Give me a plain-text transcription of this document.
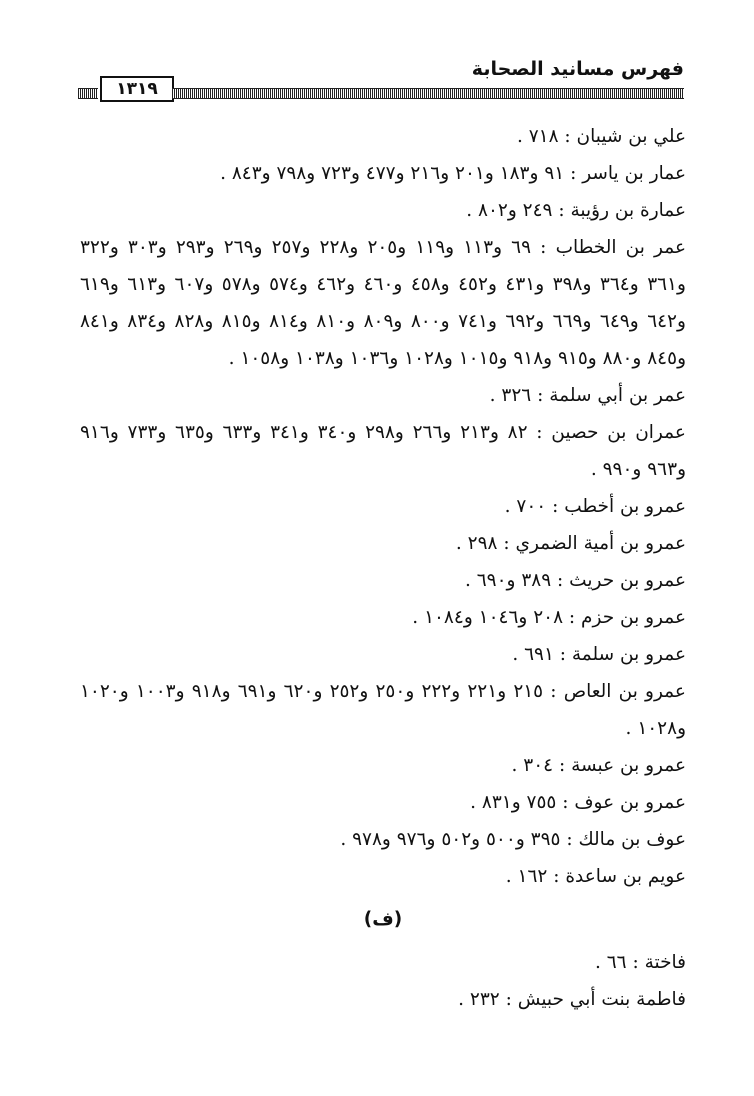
١٣١٩
فهرس مسانيد الصحابة

علي بن شيبان : ٧١٨ .

عمار بن ياسر : ٩١ و١٨٣ و٢٠١ و٢١٦ و٤٧٧ و٧٢٣ و٧٩٨ و٨٤٣ .

عمارة بن رؤيبة : ٢٤٩ و٨٠٢ .

عمر بن الخطاب : ٦٩ و١١٣ و١١٩ و٢٠٥ و٢٢٨ و٢٥٧ و٢٦٩ و٢٩٣ و٣٠٣ و٣٢٢ و٣٦١ و٣٦٤ و٣٩٨ و٤٣١ و٤٥٢ و٤٥٨ و٤٦٠ و٤٦٢ و٥٧٤ و٥٧٨ و٦٠٧ و٦١٣ و٦١٩ و٦٤٢ و٦٤٩ و٦٦٩ و٦٩٢ و٧٤١ و٨٠٠ و٨٠٩ و٨١٠ و٨١٤ و٨١٥ و٨٢٨ و٨٣٤ و٨٤١ و٨٤٥ و٨٨٠ و٩١٥ و٩١٨ و١٠١٥ و١٠٢٨ و١٠٣٦ و١٠٣٨ و١٠٥٨ .

عمر بن أبي سلمة : ٣٢٦ .

عمران بن حصين : ٨٢ و٢١٣ و٢٦٦ و٢٩٨ و٣٤٠ و٣٤١ و٦٣٣ و٦٣٥ و٧٣٣ و٩١٦ و٩٦٣ و٩٩٠ .

عمرو بن أخطب : ٧٠٠ .

عمرو بن أمية الضمري : ٢٩٨ .

عمرو بن حريث : ٣٨٩ و٦٩٠ .

عمرو بن حزم : ٢٠٨ و١٠٤٦ و١٠٨٤ .

عمرو بن سلمة : ٦٩١ .

عمرو بن العاص : ٢١٥ و٢٢١ و٢٢٢ و٢٥٠ و٢٥٢ و٦٢٠ و٦٩١ و٩١٨ و١٠٠٣ و١٠٢٠ و١٠٢٨ .

عمرو بن عبسة : ٣٠٤ .

عمرو بن عوف : ٧٥٥ و٨٣١ .

عوف بن مالك : ٣٩٥ و٥٠٠ و٥٠٢ و٩٧٦ و٩٧٨ .

عويم بن ساعدة : ١٦٢ .

(ف)

فاختة : ٦٦ .

فاطمة بنت أبي حبيش : ٢٣٢ .
